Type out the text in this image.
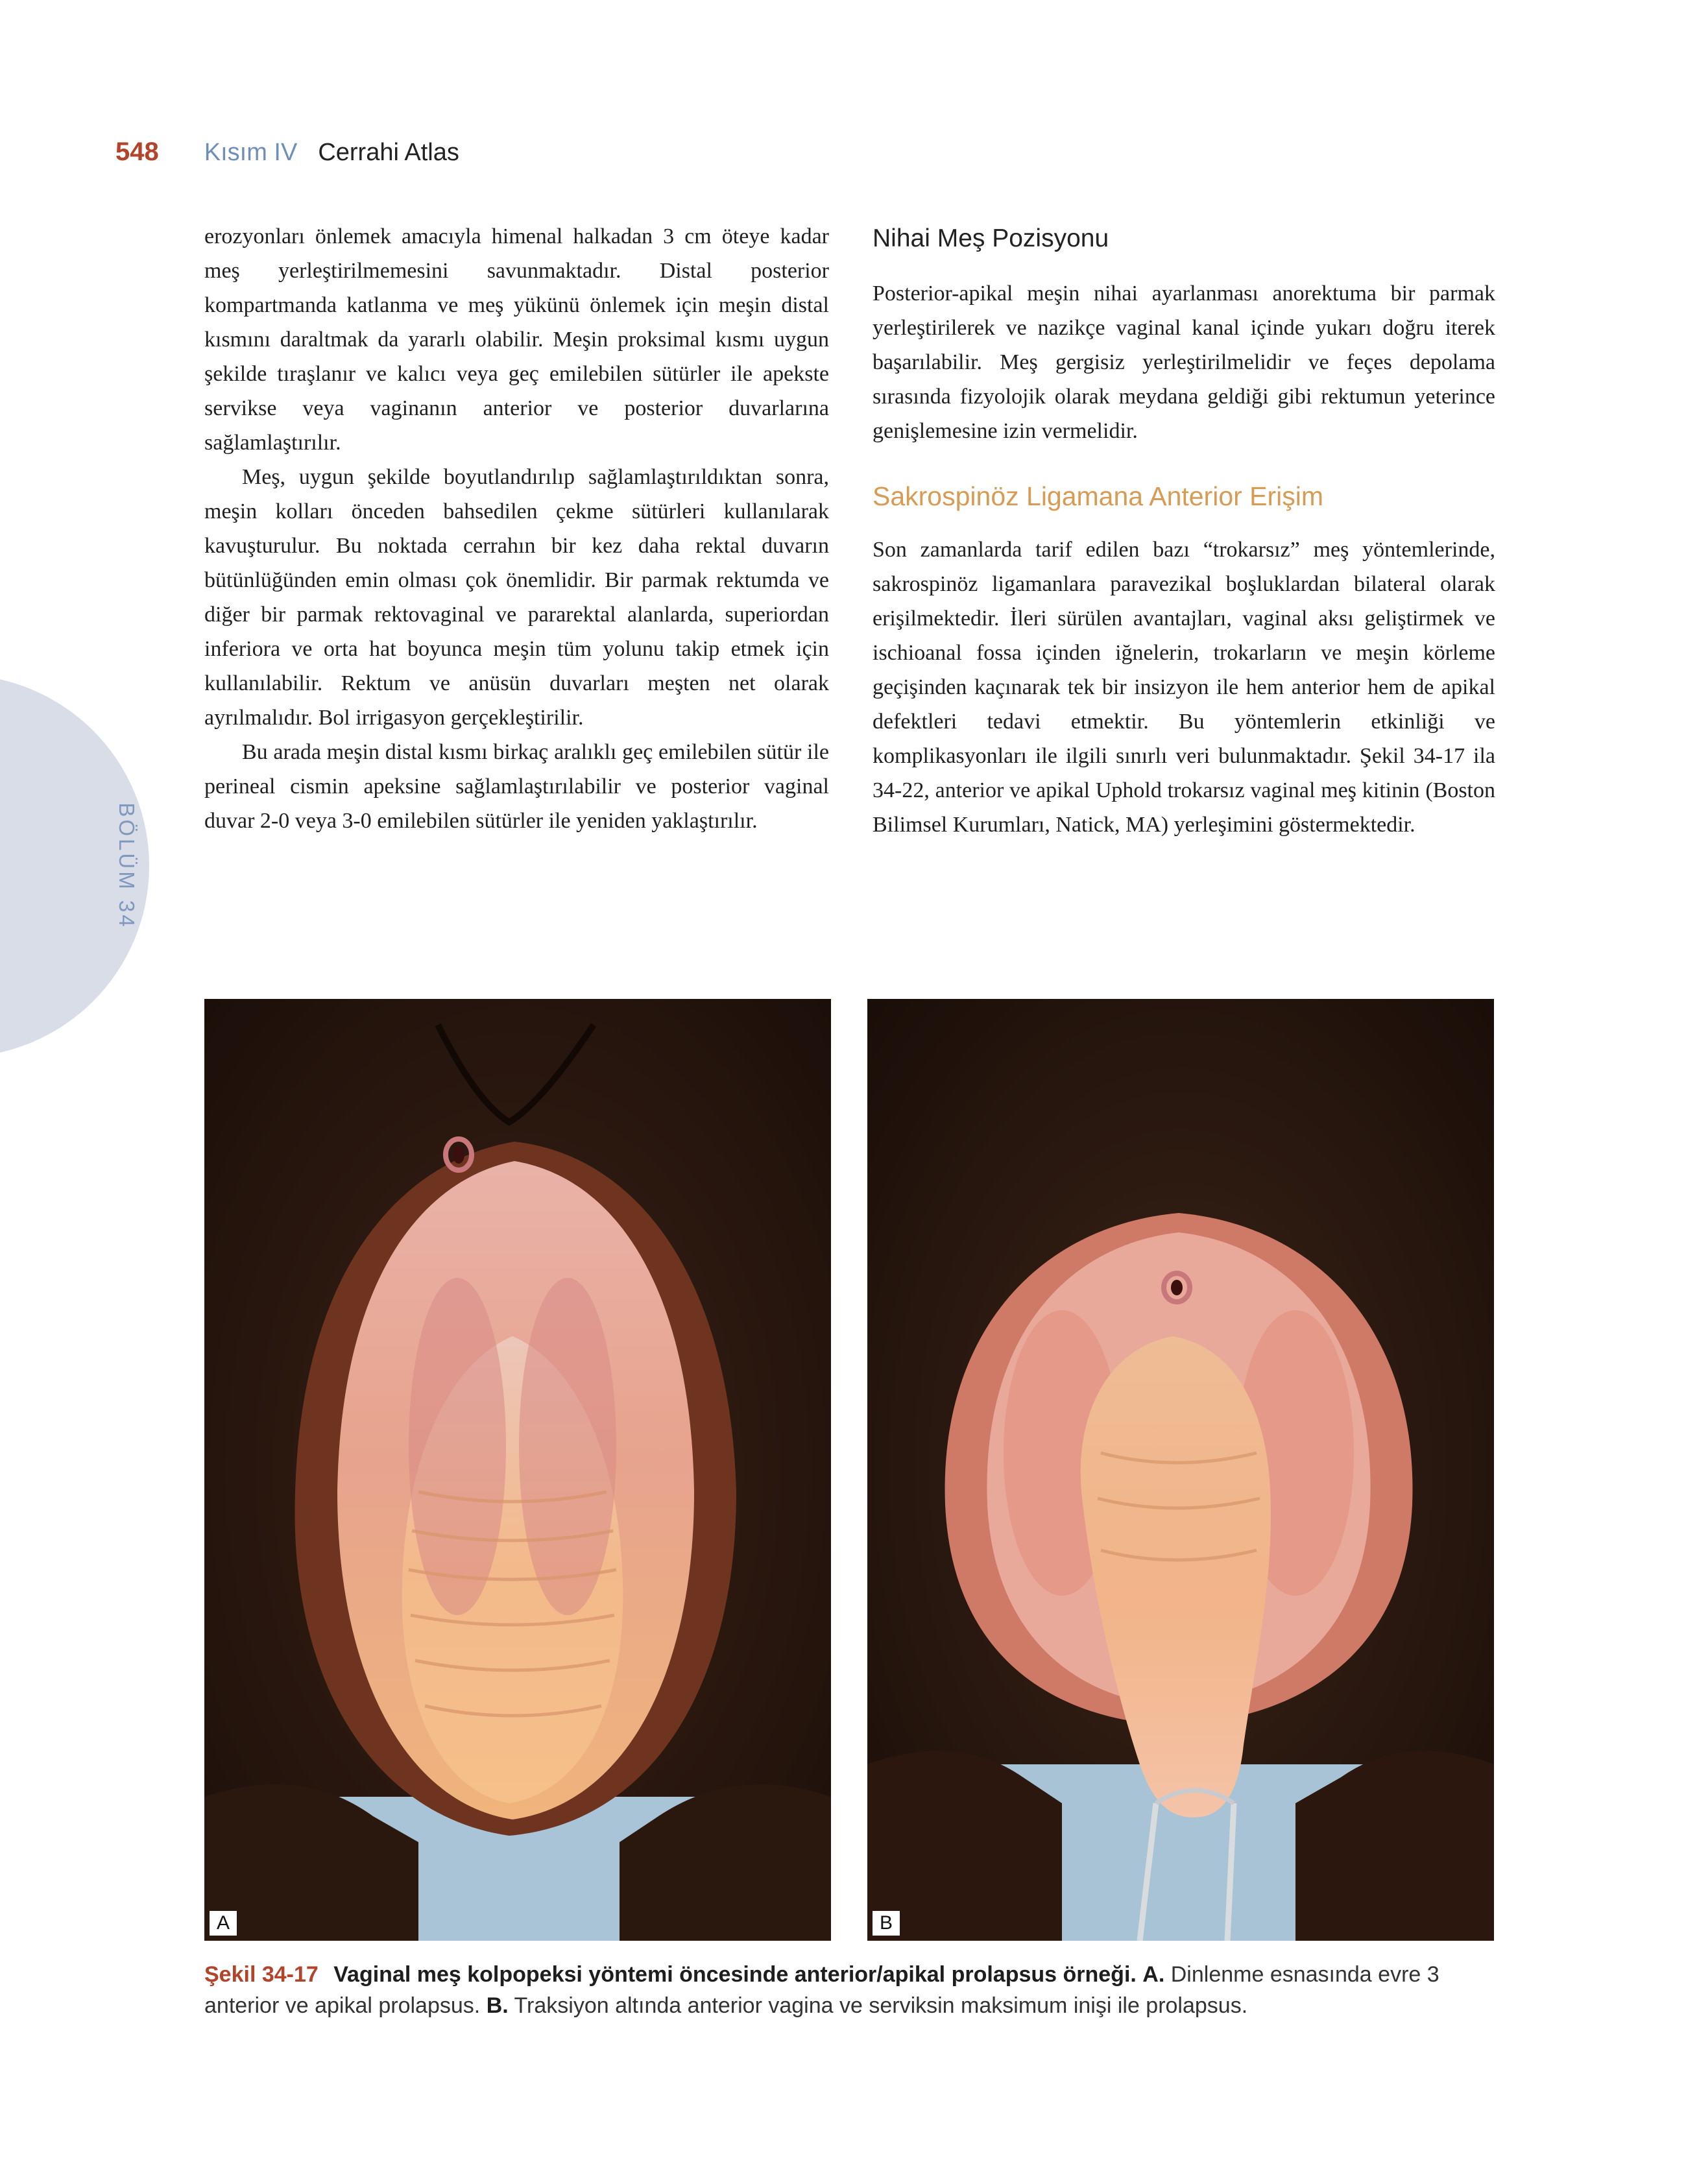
548 Kısım IV Cerrahi Atlas
BÖLÜM 34

erozyonları önlemek amacıyla himenal halkadan 3 cm öteye kadar meş yerleştirilmemesini savunmaktadır. Distal posterior kompartmanda katlanma ve meş yükünü önlemek için meşin distal kısmını daraltmak da yararlı olabilir. Meşin proksimal kısmı uygun şekilde tıraşlanır ve kalıcı veya geç emilebilen sütürler ile apekste servikse veya vaginanın anterior ve posterior duvarlarına sağlamlaştırılır.

Meş, uygun şekilde boyutlandırılıp sağlamlaştırıldıktan sonra, meşin kolları önceden bahsedilen çekme sütürleri kullanılarak kavuşturulur. Bu noktada cerrahın bir kez daha rektal duvarın bütünlüğünden emin olması çok önemlidir. Bir parmak rektumda ve diğer bir parmak rektovaginal ve pararektal alanlarda, superiordan inferiora ve orta hat boyunca meşin tüm yolunu takip etmek için kullanılabilir. Rektum ve anüsün duvarları meşten net olarak ayrılmalıdır. Bol irrigasyon gerçekleştirilir.

Bu arada meşin distal kısmı birkaç aralıklı geç emilebilen sütür ile perineal cismin apeksine sağlamlaştırılabilir ve posterior vaginal duvar 2-0 veya 3-0 emilebilen sütürler ile yeniden yaklaştırılır.

Nihai Meş Pozisyonu

Posterior-apikal meşin nihai ayarlanması anorektuma bir parmak yerleştirilerek ve nazikçe vaginal kanal içinde yukarı doğru iterek başarılabilir. Meş gergisiz yerleştirilmelidir ve feçes depolama sırasında fizyolojik olarak meydana geldiği gibi rektumun yeterince genişlemesine izin vermelidir.

Sakrospinöz Ligamana Anterior Erişim

Son zamanlarda tarif edilen bazı “trokarsız” meş yöntemlerinde, sakrospinöz ligamanlara paravezikal boşluklardan bilateral olarak erişilmektedir. İleri sürülen avantajları, vaginal aksı geliştirmek ve ischioanal fossa içinden iğnelerin, trokarların ve meşin körleme geçişinden kaçınarak tek bir insizyon ile hem anterior hem de apikal defektleri tedavi etmektir. Bu yöntemlerin etkinliği ve komplikasyonları ile ilgili sınırlı veri bulunmaktadır. Şekil 34-17 ila 34-22, anterior ve apikal Uphold trokarsız vaginal meş kitinin (Boston Bilimsel Kurumları, Natick, MA) yerleşimini göstermektedir.

A	B
Şekil 34-17 Vaginal meş kolpopeksi yöntemi öncesinde anterior/apikal prolapsus örneği. A. Dinlenme esnasında evre 3 anterior ve apikal prolapsus. B. Traksiyon altında anterior vagina ve serviksin maksimum inişi ile prolapsus.
